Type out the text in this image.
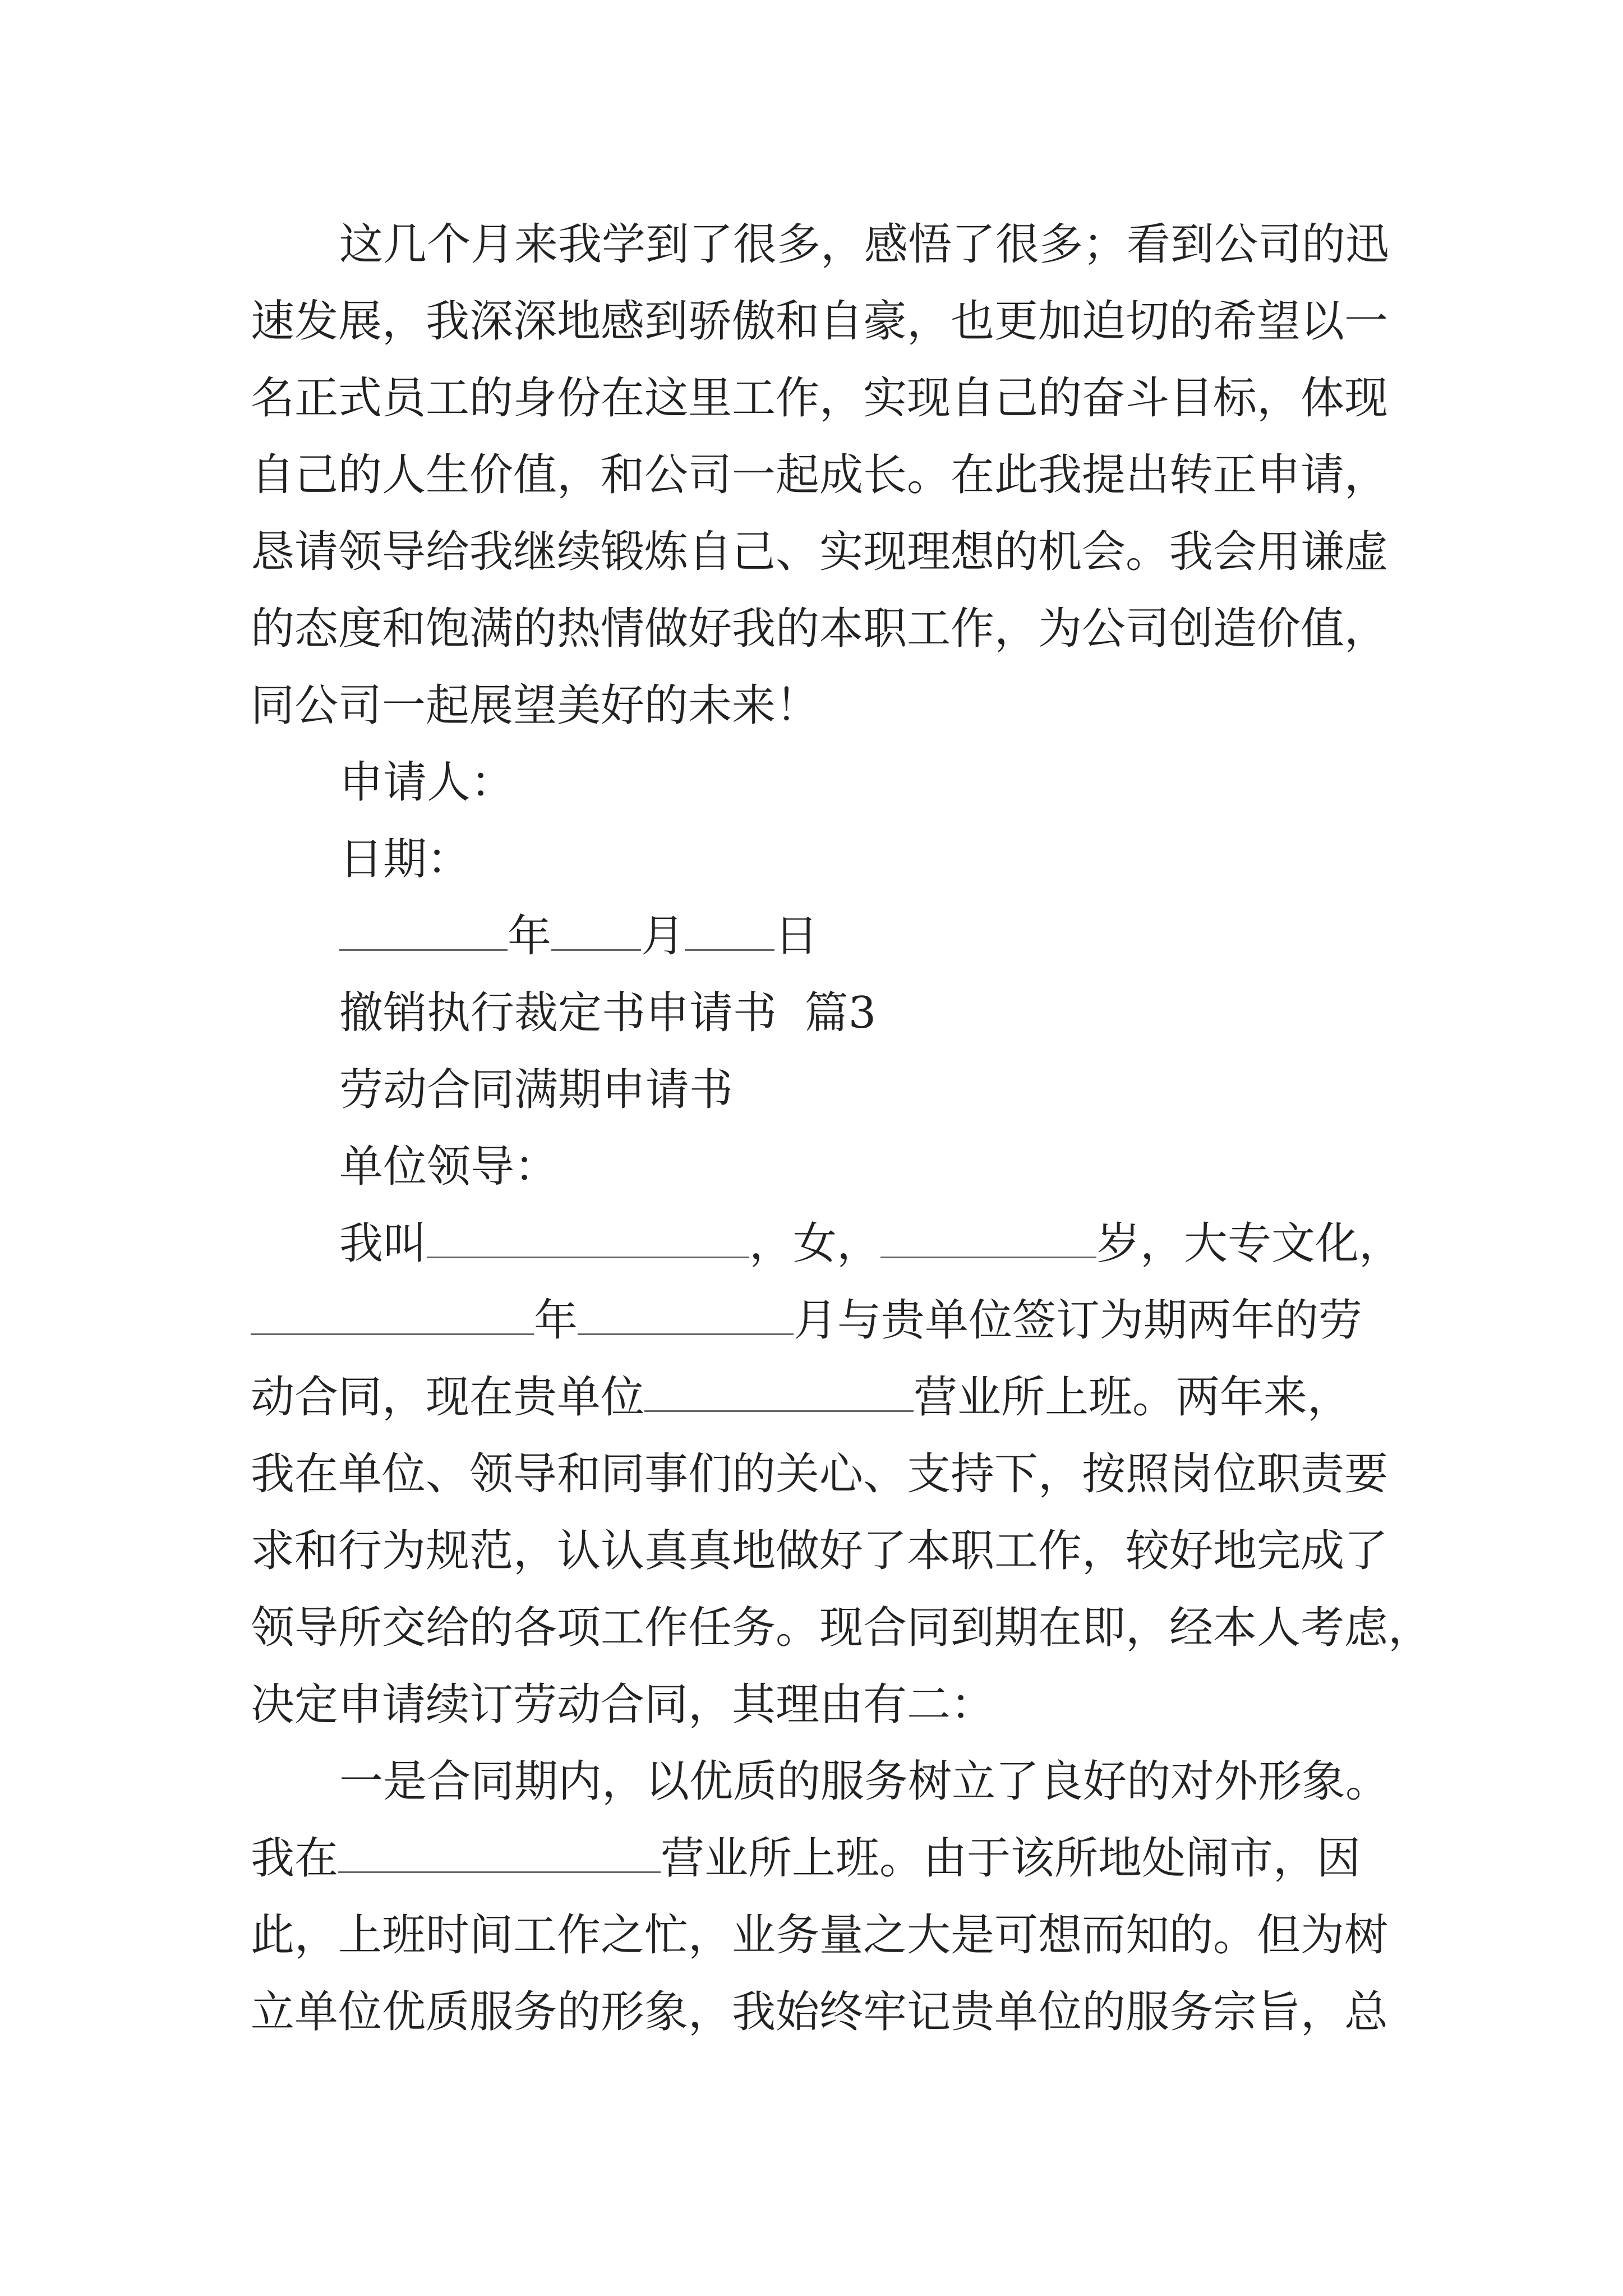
这几个月来我学到了很多，感悟了很多；看到公司的迅
速发展，我深深地感到骄傲和自豪，也更加迫切的希望以一
名正式员工的身份在这里工作，实现自己的奋斗目标，体现
自己的人生价值，和公司一起成长。在此我提出转正申请，
恳请领导给我继续锻炼自己、实现理想的机会。我会用谦虚
的态度和饱满的热情做好我的本职工作，为公司创造价值，
同公司一起展望美好的未来！
申请人：
日期：
年 月 日
撤销执行裁定书申请书  篇3
劳动合同满期申请书
单位领导：
我叫	，女，	岁，大专文化，
年	月与贵单位签订为期两年的劳
动合同，现在贵单位	营业所上班。两年来，
我在单位、领导和同事们的关心、支持下，按照岗位职责要
求和行为规范，认认真真地做好了本职工作，较好地完成了
领导所交给的各项工作任务。现合同到期在即，经本人考虑，
决定申请续订劳动合同，其理由有二：
一是合同期内，以优质的服务树立了良好的对外形象。
我在	营业所上班。由于该所地处闹市，因
此，上班时间工作之忙，业务量之大是可想而知的。但为树
立单位优质服务的形象，我始终牢记贵单位的服务宗旨，总
